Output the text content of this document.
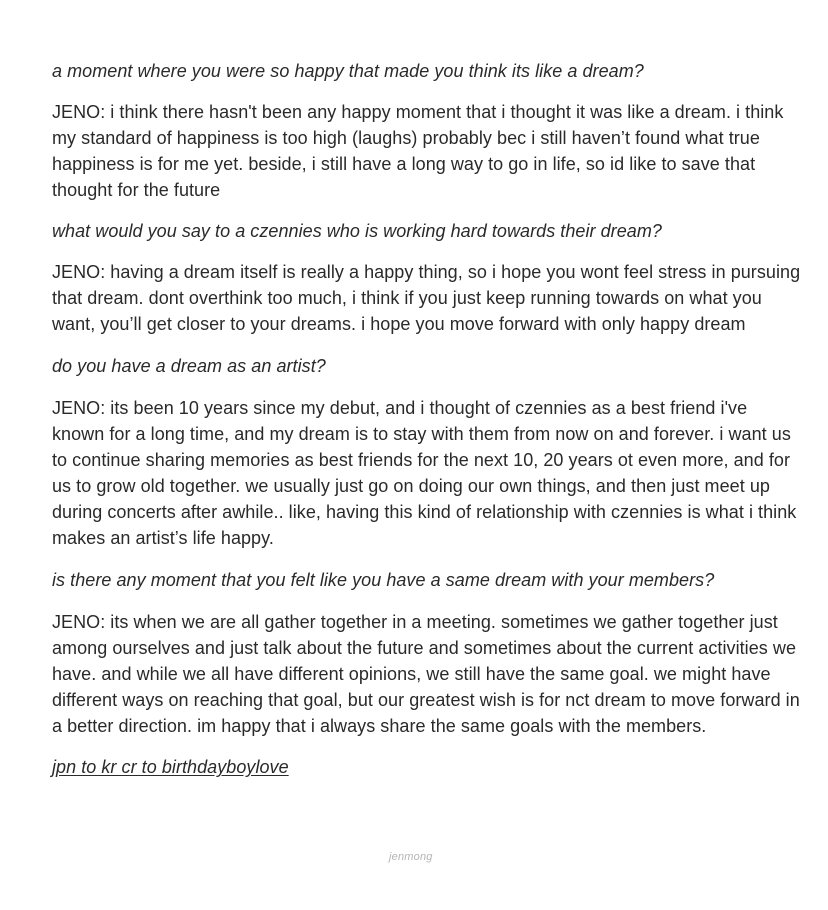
a moment where you were so happy that made you think its like a dream?
JENO: i think there hasn't been any happy moment that i thought it was like a dream. i think my standard of happiness is too high (laughs) probably bec i still haven’t found what true happiness is for me yet. beside, i still have a long way to go in life, so id like to save that thought for the future
what would you say to a czennies who is working hard towards their dream?
JENO: having a dream itself is really a happy thing, so i hope you wont feel stress in pursuing that dream. dont overthink too much, i think if you just keep running towards on what you want, you’ll get closer to your dreams. i hope you move forward with only happy dream
do you have a dream as an artist?
JENO: its been 10 years since my debut, and i thought of czennies as a best friend i've known for a long time, and my dream is to stay with them from now on and forever. i want us to continue sharing memories as best friends for the next 10, 20 years ot even more, and for us to grow old together. we usually just go on doing our own things, and then just meet up during concerts after awhile.. like, having this kind of relationship with czennies is what i think makes an artist’s life happy.
is there any moment that you felt like you have a same dream with your members?
JENO: its when we are all gather together in a meeting. sometimes we gather together just among ourselves and just talk about the future and sometimes about the current activities we have. and while we all have different opinions, we still have the same goal. we might have different ways on reaching that goal, but our greatest wish is for nct dream to move forward in a better direction. im happy that i always share the same goals with the members.
jpn to kr cr to birthdayboylove
jenmong
